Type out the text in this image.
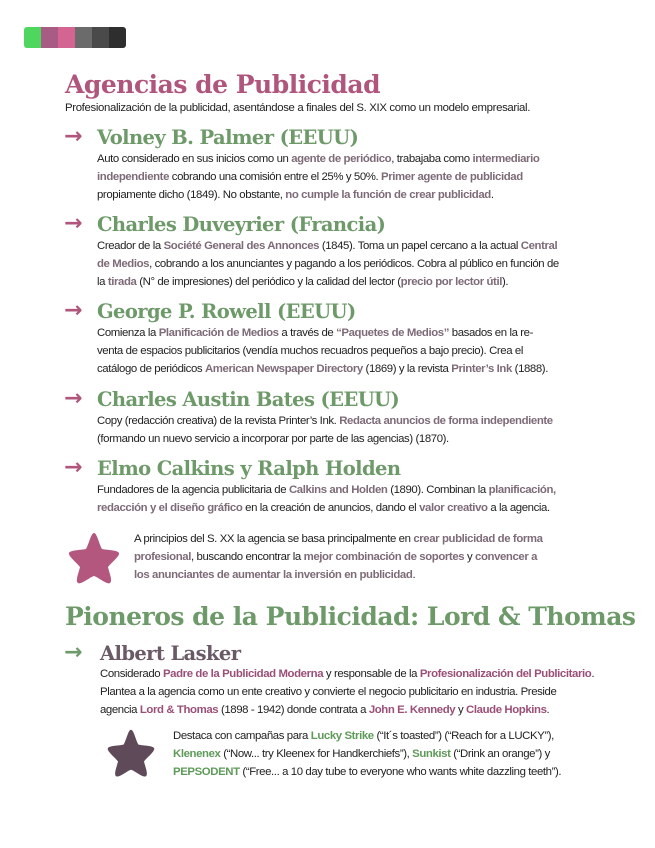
Agencias de Publicidad
Profesionalización de la publicidad, asentándose a finales del S. XIX como un modelo empresarial.
→ Volney B. Palmer (EEUU)
Auto considerado en sus inicios como un agente de periódico, trabajaba como intermediario independiente cobrando una comisión entre el 25% y 50%. Primer agente de publicidad propiamente dicho (1849). No obstante, no cumple la función de crear publicidad.
→ Charles Duveyrier (Francia)
Creador de la Société General des Annonces (1845). Toma un papel cercano a la actual Central de Medios, cobrando a los anunciantes y pagando a los periódicos. Cobra al público en función de la tirada (N° de impresiones) del periódico y la calidad del lector (precio por lector útil).
→ George P. Rowell (EEUU)
Comienza la Planificación de Medios a través de “Paquetes de Medios” basados en la re-venta de espacios publicitarios (vendía muchos recuadros pequeños a bajo precio). Crea el catálogo de periódicos American Newspaper Directory (1869) y la revista Printer’s Ink (1888).
→ Charles Austin Bates (EEUU)
Copy (redacción creativa) de la revista Printer’s Ink. Redacta anuncios de forma independiente (formando un nuevo servicio a incorporar por parte de las agencias) (1870).
→ Elmo Calkins y Ralph Holden
Fundadores de la agencia publicitaria de Calkins and Holden (1890). Combinan la planificación, redacción y el diseño gráfico en la creación de anuncios, dando el valor creativo a la agencia.
A principios del S. XX la agencia se basa principalmente en crear publicidad de forma profesional, buscando encontrar la mejor combinación de soportes y convencer a los anunciantes de aumentar la inversión en publicidad.
Pioneros de la Publicidad: Lord & Thomas
→ Albert Lasker
Considerado Padre de la Publicidad Moderna y responsable de la Profesionalización del Publicitario. Plantea a la agencia como un ente creativo y convierte el negocio publicitario en industria. Preside agencia Lord & Thomas (1898 - 1942) donde contrata a John E. Kennedy y Claude Hopkins.
Destaca con campañas para Lucky Strike (“It´s toasted”) (“Reach for a LUCKY”), Klenenex (“Now... try Kleenex for Handkerchiefs”), Sunkist (“Drink an orange”) y PEPSODENT (“Free... a 10 day tube to everyone who wants white dazzling teeth”).
